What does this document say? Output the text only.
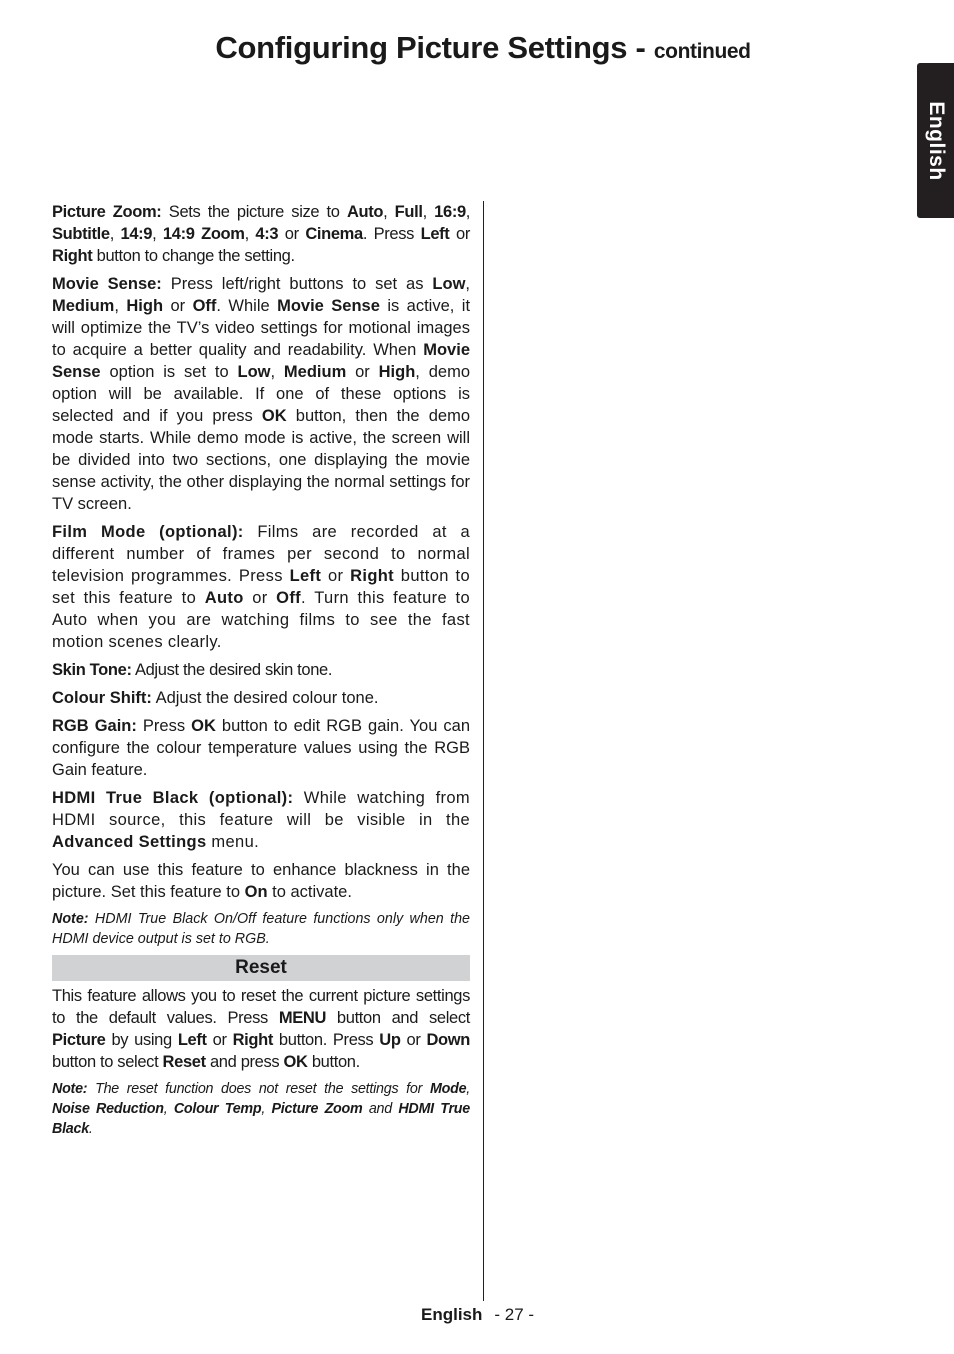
Configuring Picture Settings - continued
English

Picture Zoom: Sets the picture size to Auto, Full, 16:9, Subtitle, 14:9, 14:9 Zoom, 4:3 or Cinema. Press Left or Right button to change the setting.

Movie Sense: Press left/right buttons to set as Low, Medium, High or Off. While Movie Sense is active, it will optimize the TV’s video settings for motional images to acquire a better quality and readability. When Movie Sense option is set to Low, Medium or High, demo option will be available. If one of these options is selected and if you press OK button, then the demo mode starts. While demo mode is active, the screen will be divided into two sections, one displaying the movie sense activity, the other displaying the normal settings for TV screen.

Film Mode (optional): Films are recorded at a different number of frames per second to normal television programmes. Press Left or Right button to set this feature to Auto or Off. Turn this feature to Auto when you are watching films to see the fast motion scenes clearly.

Skin Tone: Adjust the desired skin tone.

Colour Shift: Adjust the desired colour tone.

RGB Gain: Press OK button to edit RGB gain. You can configure the colour temperature values using the RGB Gain feature.

HDMI True Black (optional): While watching from HDMI source, this feature will be visible in the Advanced Settings menu.

You can use this feature to enhance blackness in the picture. Set this feature to On to activate.

Note: HDMI True Black On/Off feature functions only when the HDMI device output is set to RGB.

Reset

This feature allows you to reset the current picture settings to the default values. Press MENU button and select Picture by using Left or Right button. Press Up or Down button to select Reset and press OK button.

Note: The reset function does not reset the settings for Mode, Noise Reduction, Colour Temp, Picture Zoom and HDMI True Black.

English - 27 -
